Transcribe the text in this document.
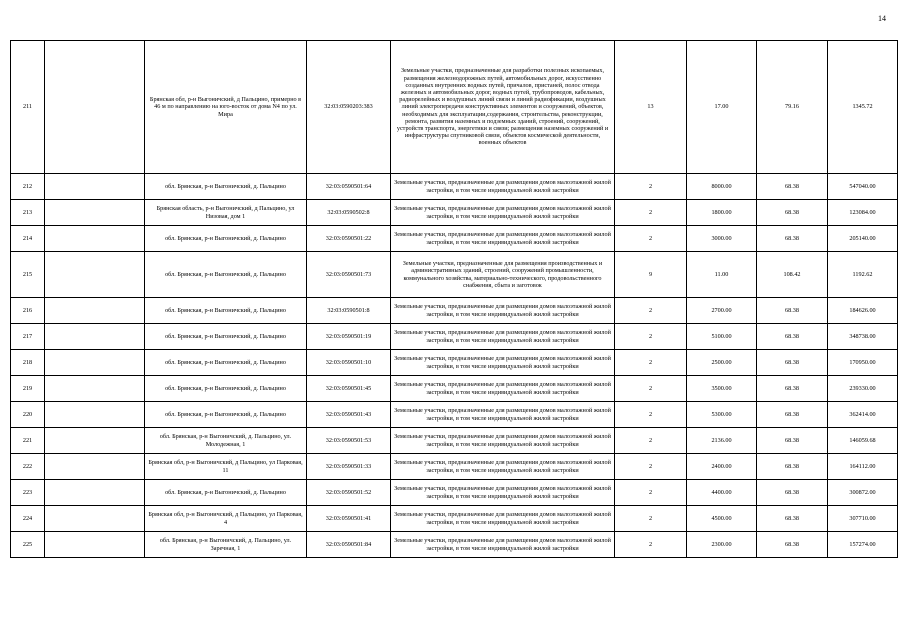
14
211		Брянская обл, р-н Выгоничский, д Пальцино, примерно в 46 м по направлению на юго-восток от дома N4 по ул. Мира	32:03:0590203:383	Земельные участки, предназначенные для разработки полезных ископаемых, размещения железнодорожных путей, автомобильных дорог, искусственно созданных внутренних водных путей, причалов, пристаней, полос отвода железных и автомобильных дорог, водных путей, трубопроводов, кабельных, радиорелейных и воздушных линий связи и линий радиофикации, воздушных линий электропередачи конструктивных элементов и сооружений, объектов, необходимых для эксплуатации,содержания, строительства, реконструкции, ремонта, развития наземных и подземных зданий, строений, сооружений, устройств транспорта, энергетики и связи; размещения наземных сооружений и инфраструктуры спутниковой связи, объектов космической деятельности, военных объектов	13	17.00	79.16	1345.72
212		обл. Брянская, р-н Выгоничский, д. Пальцино	32:03:0590501:64	Земельные участки, предназначенные для размещения домов малоэтажной жилой застройки, в том числе индивидуальной жилой застройки	2	8000.00	68.38	547040.00
213		Брянская область, р-н Выгоничский, д Пальцино, ул Низовая, дом 1	32:03:0590502:8	Земельные участки, предназначенные для размещения домов малоэтажной жилой застройки, в том числе индивидуальной жилой застройки	2	1800.00	68.38	123084.00
214		обл. Брянская, р-н Выгоничский, д. Пальцино	32:03:0590501:22	Земельные участки, предназначенные для размещения домов малоэтажной жилой застройки, в том числе индивидуальной жилой застройки	2	3000.00	68.38	205140.00
215		обл. Брянская, р-н Выгоничский, д. Пальцино	32:03:0590501:73	Земельные участки, предназначенные для размещения производственных и административных зданий, строений, сооружений промышленности, коммунального хозяйства, материально-технического, продовольственного снабжения, сбыта и заготовок	9	11.00	108.42	1192.62
216		обл. Брянская, р-н Выгоничский, д. Пальцино	32:03:0590501:8	Земельные участки, предназначенные для размещения домов малоэтажной жилой застройки, в том числе индивидуальной жилой застройки	2	2700.00	68.38	184626.00
217		обл. Брянская, р-н Выгоничский, д. Пальцино	32:03:0590501:19	Земельные участки, предназначенные для размещения домов малоэтажной жилой застройки, в том числе индивидуальной жилой застройки	2	5100.00	68.38	348738.00
218		обл. Брянская, р-н Выгоничский, д. Пальцино	32:03:0590501:10	Земельные участки, предназначенные для размещения домов малоэтажной жилой застройки, в том числе индивидуальной жилой застройки	2	2500.00	68.38	170950.00
219		обл. Брянская, р-н Выгоничский, д. Пальцино	32:03:0590501:45	Земельные участки, предназначенные для размещения домов малоэтажной жилой застройки, в том числе индивидуальной жилой застройки	2	3500.00	68.38	239330.00
220		обл. Брянская, р-н Выгоничский, д. Пальцино	32:03:0590501:43	Земельные участки, предназначенные для размещения домов малоэтажной жилой застройки, в том числе индивидуальной жилой застройки	2	5300.00	68.38	362414.00
221		обл. Брянская, р-н Выгоничский, д. Пальцино, ул. Молодежная, 1	32:03:0590501:53	Земельные участки, предназначенные для размещения домов малоэтажной жилой застройки, в том числе индивидуальной жилой застройки	2	2136.00	68.38	146059.68
222		Брянская обл, р-н Выгоничский, д Пальцино, ул Парковая, 11	32:03:0590501:33	Земельные участки, предназначенные для размещения домов малоэтажной жилой застройки, в том числе индивидуальной жилой застройки	2	2400.00	68.38	164112.00
223		обл. Брянская, р-н Выгоничский, д. Пальцино	32:03:0590501:52	Земельные участки, предназначенные для размещения домов малоэтажной жилой застройки, в том числе индивидуальной жилой застройки	2	4400.00	68.38	300872.00
224		Брянская обл, р-н Выгоничский, д Пальцино, ул Парковая, 4	32:03:0590501:41	Земельные участки, предназначенные для размещения домов малоэтажной жилой застройки, в том числе индивидуальной жилой застройки	2	4500.00	68.38	307710.00
225		обл. Брянская, р-н Выгоничский, д. Пальцино, ул. Заречная, 1	32:03:0590501:84	Земельные участки, предназначенные для размещения домов малоэтажной жилой застройки, в том числе индивидуальной жилой застройки	2	2300.00	68.38	157274.00
